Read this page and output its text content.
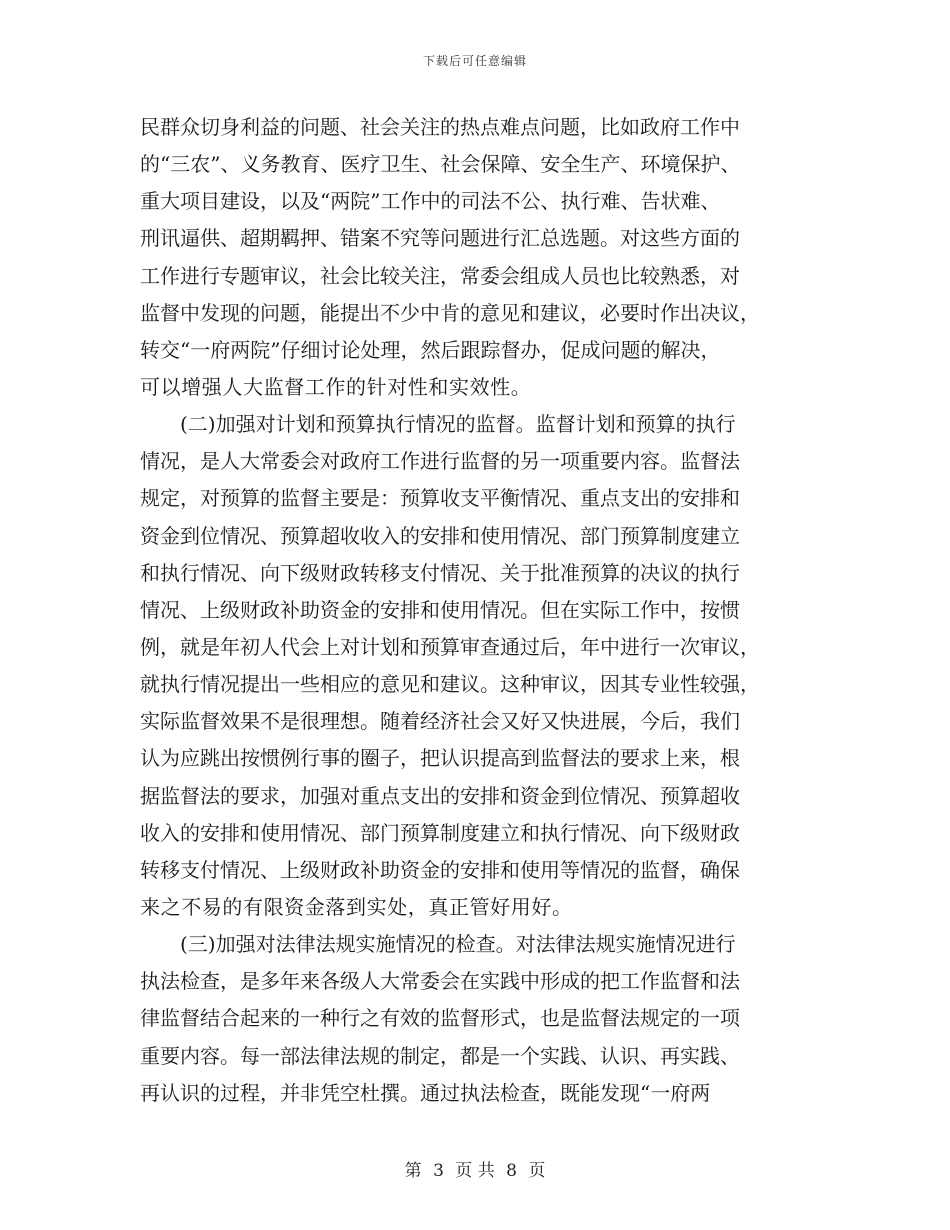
下载后可任意编辑
民群众切身利益的问题、社会关注的热点难点问题，比如政府工作中
的“三农”、义务教育、医疗卫生、社会保障、安全生产、环境保护、
重大项目建设，以及“两院”工作中的司法不公、执行难、告状难、
刑讯逼供、超期羁押、错案不究等问题进行汇总选题。对这些方面的
工作进行专题审议，社会比较关注，常委会组成人员也比较熟悉，对
监督中发现的问题，能提出不少中肯的意见和建议，必要时作出决议，
转交“一府两院”仔细讨论处理，然后跟踪督办，促成问题的解决，
可以增强人大监督工作的针对性和实效性。
(二)加强对计划和预算执行情况的监督。监督计划和预算的执行
情况，是人大常委会对政府工作进行监督的另一项重要内容。监督法
规定，对预算的监督主要是：预算收支平衡情况、重点支出的安排和
资金到位情况、预算超收收入的安排和使用情况、部门预算制度建立
和执行情况、向下级财政转移支付情况、关于批准预算的决议的执行
情况、上级财政补助资金的安排和使用情况。但在实际工作中，按惯
例，就是年初人代会上对计划和预算审查通过后，年中进行一次审议，
就执行情况提出一些相应的意见和建议。这种审议，因其专业性较强，
实际监督效果不是很理想。随着经济社会又好又快进展，今后，我们
认为应跳出按惯例行事的圈子，把认识提高到监督法的要求上来，根
据监督法的要求，加强对重点支出的安排和资金到位情况、预算超收
收入的安排和使用情况、部门预算制度建立和执行情况、向下级财政
转移支付情况、上级财政补助资金的安排和使用等情况的监督，确保
来之不易的有限资金落到实处，真正管好用好。
(三)加强对法律法规实施情况的检查。对法律法规实施情况进行
执法检查，是多年来各级人大常委会在实践中形成的把工作监督和法
律监督结合起来的一种行之有效的监督形式，也是监督法规定的一项
重要内容。每一部法律法规的制定，都是一个实践、认识、再实践、
再认识的过程，并非凭空杜撰。通过执法检查，既能发现“一府两
第 3 页 共 8 页
